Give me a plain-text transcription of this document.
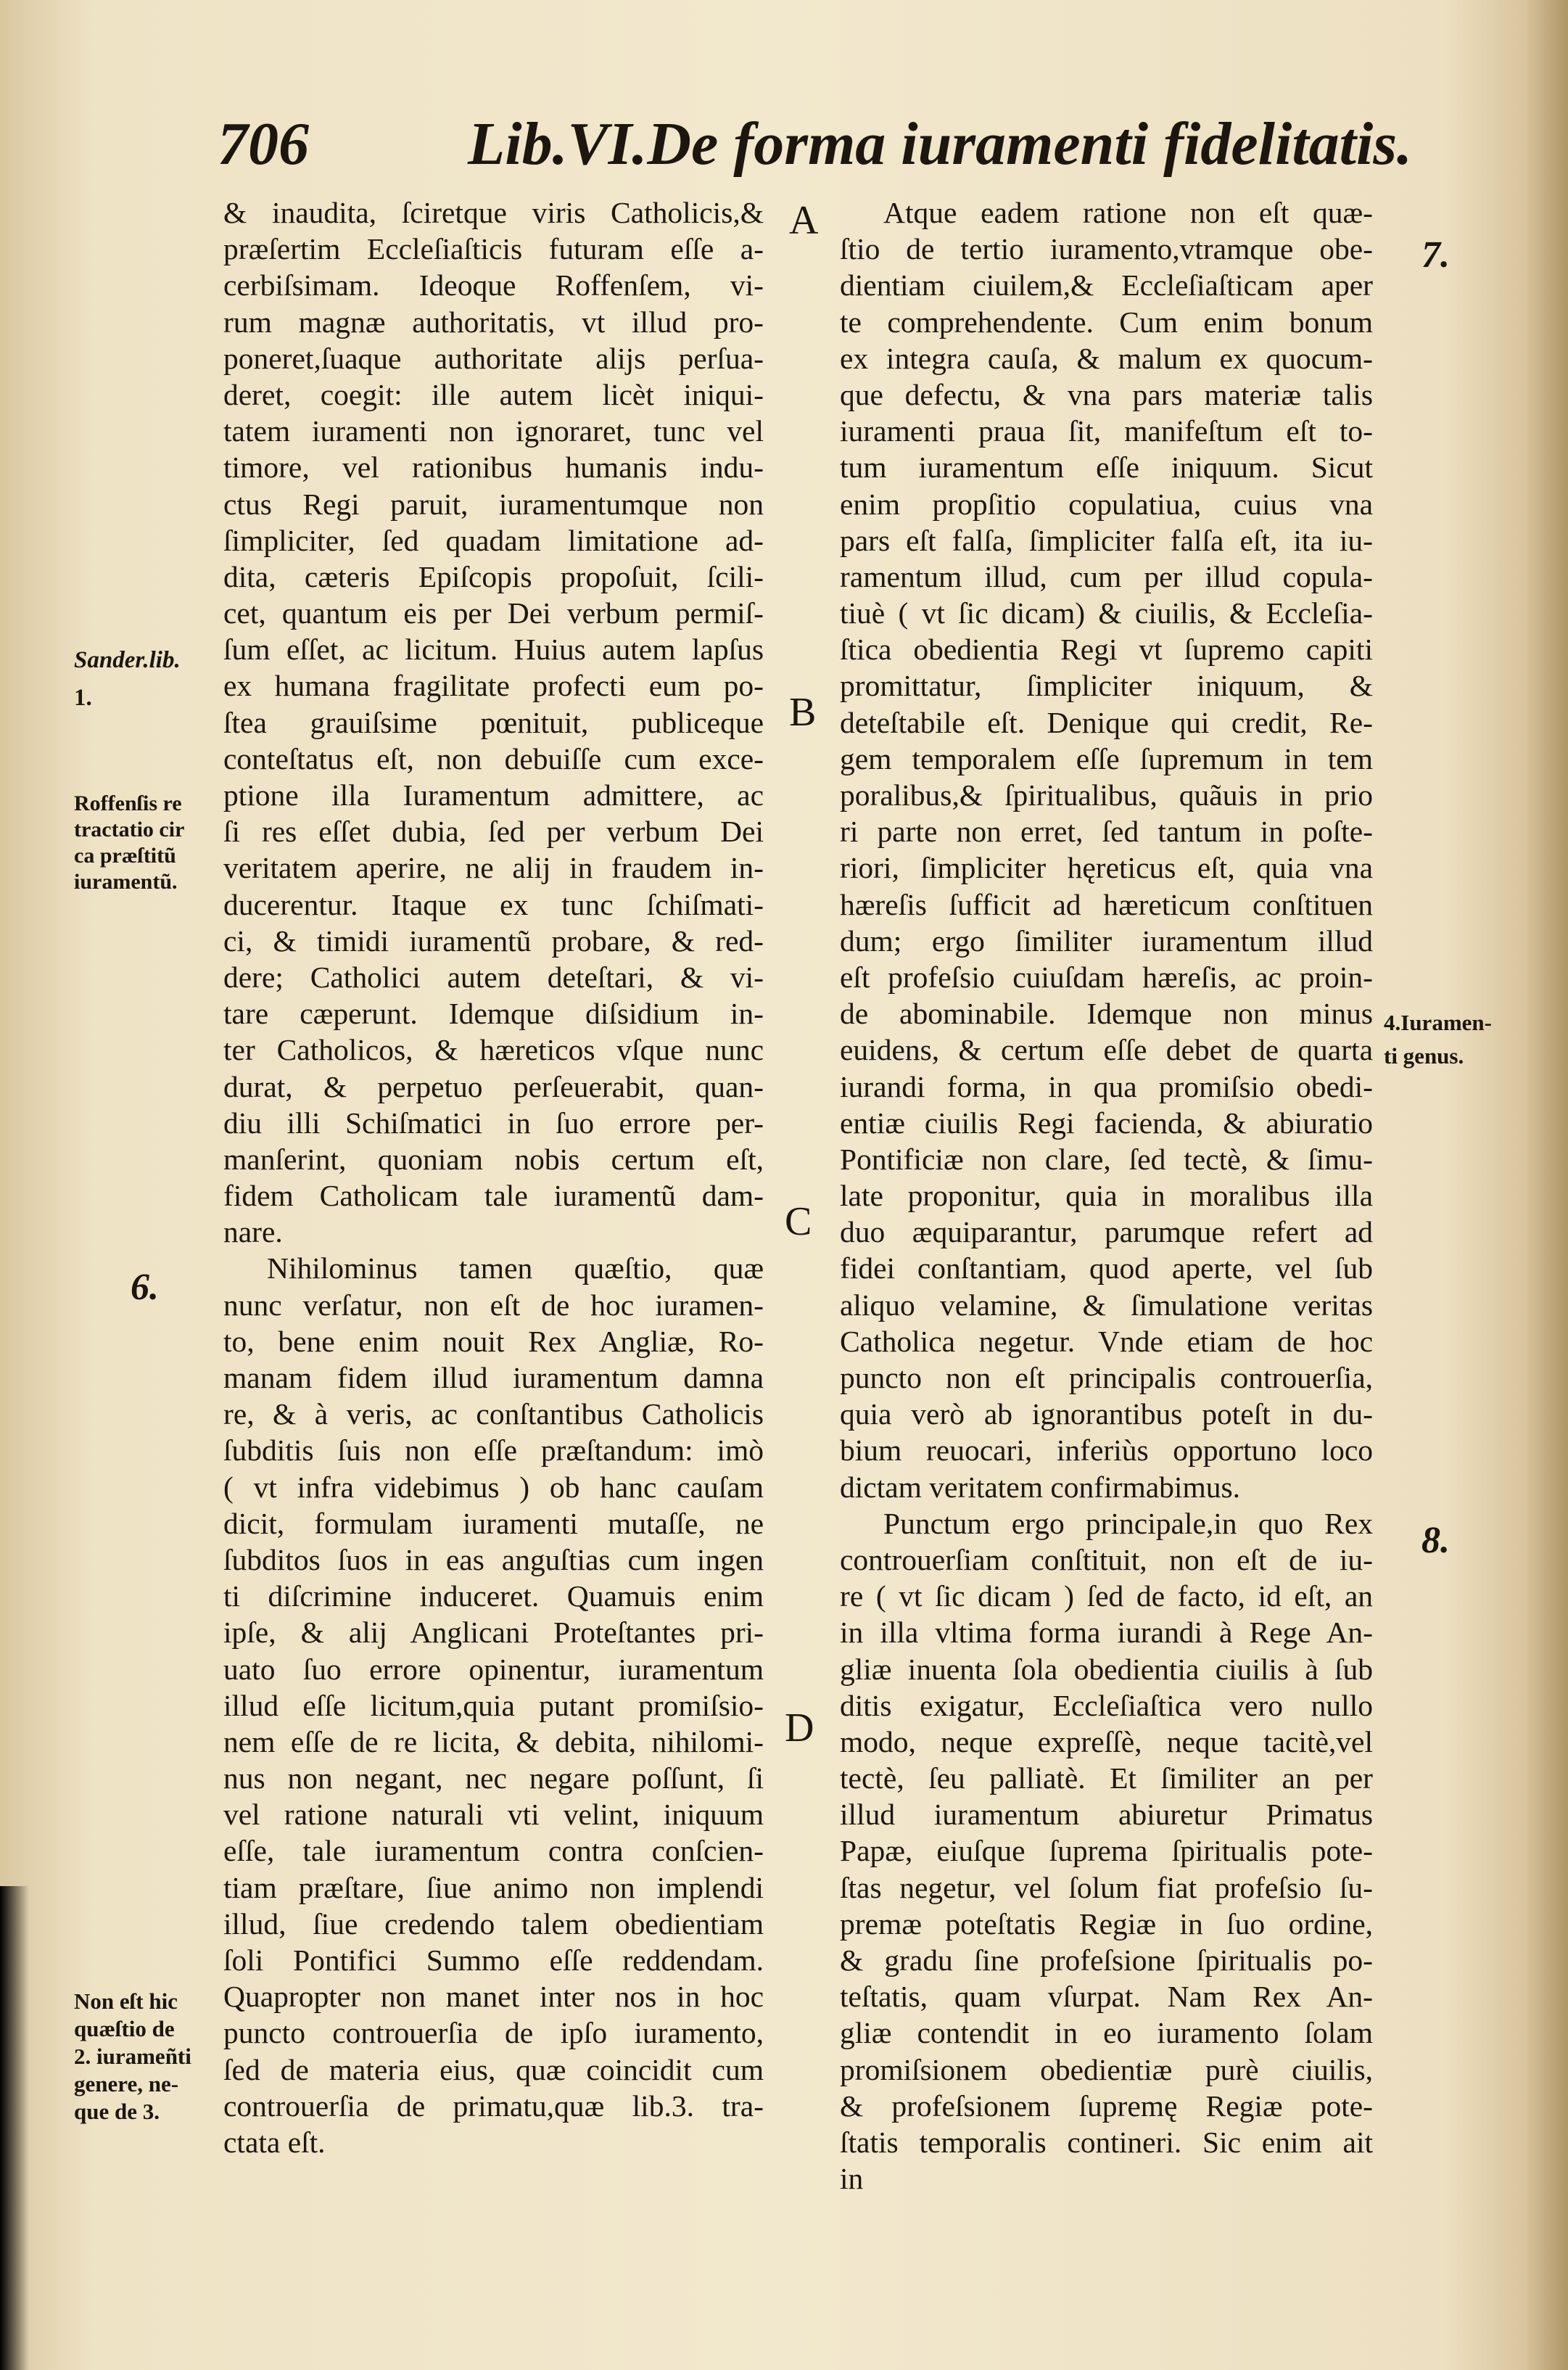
706	Lib.VI.De forma iuramenti fidelitatis.
A
B
C
D
Sander.lib.
1.
Roffenſis re
tractatio cir
ca præſtitũ
iuramentũ.
6.
Non eſt hic
quæſtio de
2. iurameñti
genere, ne-
que de 3.
7.
4.Iuramen-
ti genus.
8.
& inaudita, ſciretque viris Catholicis,&
præſertim Eccleſiaſticis futuram eſſe a-
cerbiſsimam. Ideoque Roffenſem, vi-
rum magnæ authoritatis, vt illud pro-
poneret,ſuaque authoritate alijs perſua-
deret, coegit: ille autem licèt iniqui-
tatem iuramenti non ignoraret, tunc vel
timore, vel rationibus humanis indu-
ctus Regi paruit, iuramentumque non
ſimpliciter, ſed quadam limitatione ad-
dita, cæteris Epiſcopis propoſuit, ſcili-
cet, quantum eis per Dei verbum permiſ-
ſum eſſet, ac licitum. Huius autem lapſus
ex humana fragilitate profecti eum po-
ſtea grauiſsime pœnituit, publiceque
conteſtatus eſt, non debuiſſe cum exce-
ptione illa Iuramentum admittere, ac
ſi res eſſet dubia, ſed per verbum Dei
veritatem aperire, ne alij in fraudem in-
ducerentur. Itaque ex tunc ſchiſmati-
ci, & timidi iuramentũ probare, & red-
dere; Catholici autem deteſtari, & vi-
tare cæperunt. Idemque diſsidium in-
ter Catholicos, & hæreticos vſque nunc
durat, & perpetuo perſeuerabit, quan-
diu illi Schiſmatici in ſuo errore per-
manſerint, quoniam nobis certum eſt,
fidem Catholicam tale iuramentũ dam-
nare.
Nihilominus tamen quæſtio, quæ
nunc verſatur, non eſt de hoc iuramen-
to, bene enim nouit Rex Angliæ, Ro-
manam fidem illud iuramentum damna
re, & à veris, ac conſtantibus Catholicis
ſubditis ſuis non eſſe præſtandum: imò
( vt infra videbimus ) ob hanc cauſam
dicit, formulam iuramenti mutaſſe, ne
ſubditos ſuos in eas anguſtias cum ingen
ti diſcrimine induceret. Quamuis enim
ipſe, & alij Anglicani Proteſtantes pri-
uato ſuo errore opinentur, iuramentum
illud eſſe licitum,quia putant promiſsio-
nem eſſe de re licita, & debita, nihilomi-
nus non negant, nec negare poſſunt, ſi
vel ratione naturali vti velint, iniquum
eſſe, tale iuramentum contra conſcien-
tiam præſtare, ſiue animo non implendi
illud, ſiue credendo talem obedientiam
ſoli Pontifici Summo eſſe reddendam.
Quapropter non manet inter nos in hoc
puncto controuerſia de ipſo iuramento,
ſed de materia eius, quæ coincidit cum
controuerſia de primatu,quæ lib.3. tra-
ctata eſt.
Atque eadem ratione non eſt quæ-
ſtio de tertio iuramento,vtramque obe-
dientiam ciuilem,& Eccleſiaſticam aper
te comprehendente. Cum enim bonum
ex integra cauſa, & malum ex quocum-
que defectu, & vna pars materiæ talis
iuramenti praua ſit, manifeſtum eſt to-
tum iuramentum eſſe iniquum. Sicut
enim propſitio copulatiua, cuius vna
pars eſt falſa, ſimpliciter falſa eſt, ita iu-
ramentum illud, cum per illud copula-
tiuè ( vt ſic dicam) & ciuilis, & Eccleſia-
ſtica obedientia Regi vt ſupremo capiti
promittatur, ſimpliciter iniquum, &
deteſtabile eſt. Denique qui credit, Re-
gem temporalem eſſe ſupremum in tem
poralibus,& ſpiritualibus, quãuis in prio
ri parte non erret, ſed tantum in poſte-
riori, ſimpliciter hęreticus eſt, quia vna
hæreſis ſufficit ad hæreticum conſtituen
dum; ergo ſimiliter iuramentum illud
eſt profeſsio cuiuſdam hæreſis, ac proin-
de abominabile. Idemque non minus
euidens, & certum eſſe debet de quarta
iurandi forma, in qua promiſsio obedi-
entiæ ciuilis Regi facienda, & abiuratio
Pontificiæ non clare, ſed tectè, & ſimu-
late proponitur, quia in moralibus illa
duo æquiparantur, parumque refert ad
fidei conſtantiam, quod aperte, vel ſub
aliquo velamine, & ſimulatione veritas
Catholica negetur. Vnde etiam de hoc
puncto non eſt principalis controuerſia,
quia verò ab ignorantibus poteſt in du-
bium reuocari, inferiùs opportuno loco
dictam veritatem confirmabimus.
Punctum ergo principale,in quo Rex
controuerſiam conſtituit, non eſt de iu-
re ( vt ſic dicam ) ſed de facto, id eſt, an
in illa vltima forma iurandi à Rege An-
gliæ inuenta ſola obedientia ciuilis à ſub
ditis exigatur, Eccleſiaſtica vero nullo
modo, neque expreſſè, neque tacitè,vel
tectè, ſeu palliatè. Et ſimiliter an per
illud iuramentum abiuretur Primatus
Papæ, eiuſque ſuprema ſpiritualis pote-
ſtas negetur, vel ſolum fiat profeſsio ſu-
premæ poteſtatis Regiæ in ſuo ordine,
& gradu ſine profeſsione ſpiritualis po-
teſtatis, quam vſurpat. Nam Rex An-
gliæ contendit in eo iuramento ſolam
promiſsionem obedientiæ purè ciuilis,
& profeſsionem ſupremę Regiæ pote-
ſtatis temporalis contineri. Sic enim ait
in
